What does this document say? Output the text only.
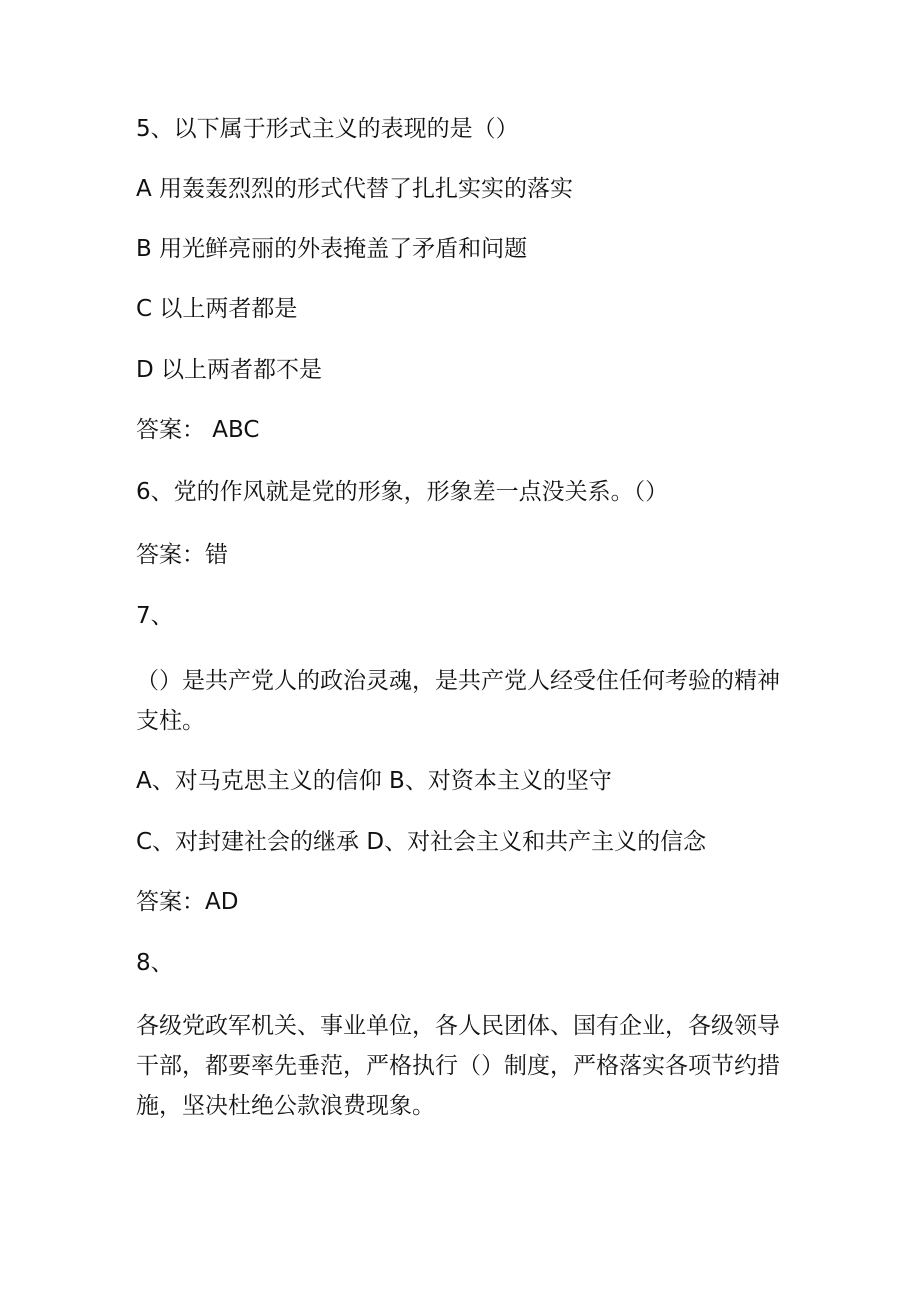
5、以下属于形式主义的表现的是（）
A 用轰轰烈烈的形式代替了扎扎实实的落实
B 用光鲜亮丽的外表掩盖了矛盾和问题
C 以上两者都是
D 以上两者都不是
答案： ABC
6、党的作风就是党的形象，形象差一点没关系。（）
答案：错
7、
（）是共产党人的政治灵魂，是共产党人经受住任何考验的精神支柱。
A、对马克思主义的信仰 B、对资本主义的坚守
C、对封建社会的继承 D、对社会主义和共产主义的信念
答案：AD
8、
各级党政军机关、事业单位，各人民团体、国有企业，各级领导干部，都要率先垂范，严格执行（）制度，严格落实各项节约措施，坚决杜绝公款浪费现象。
